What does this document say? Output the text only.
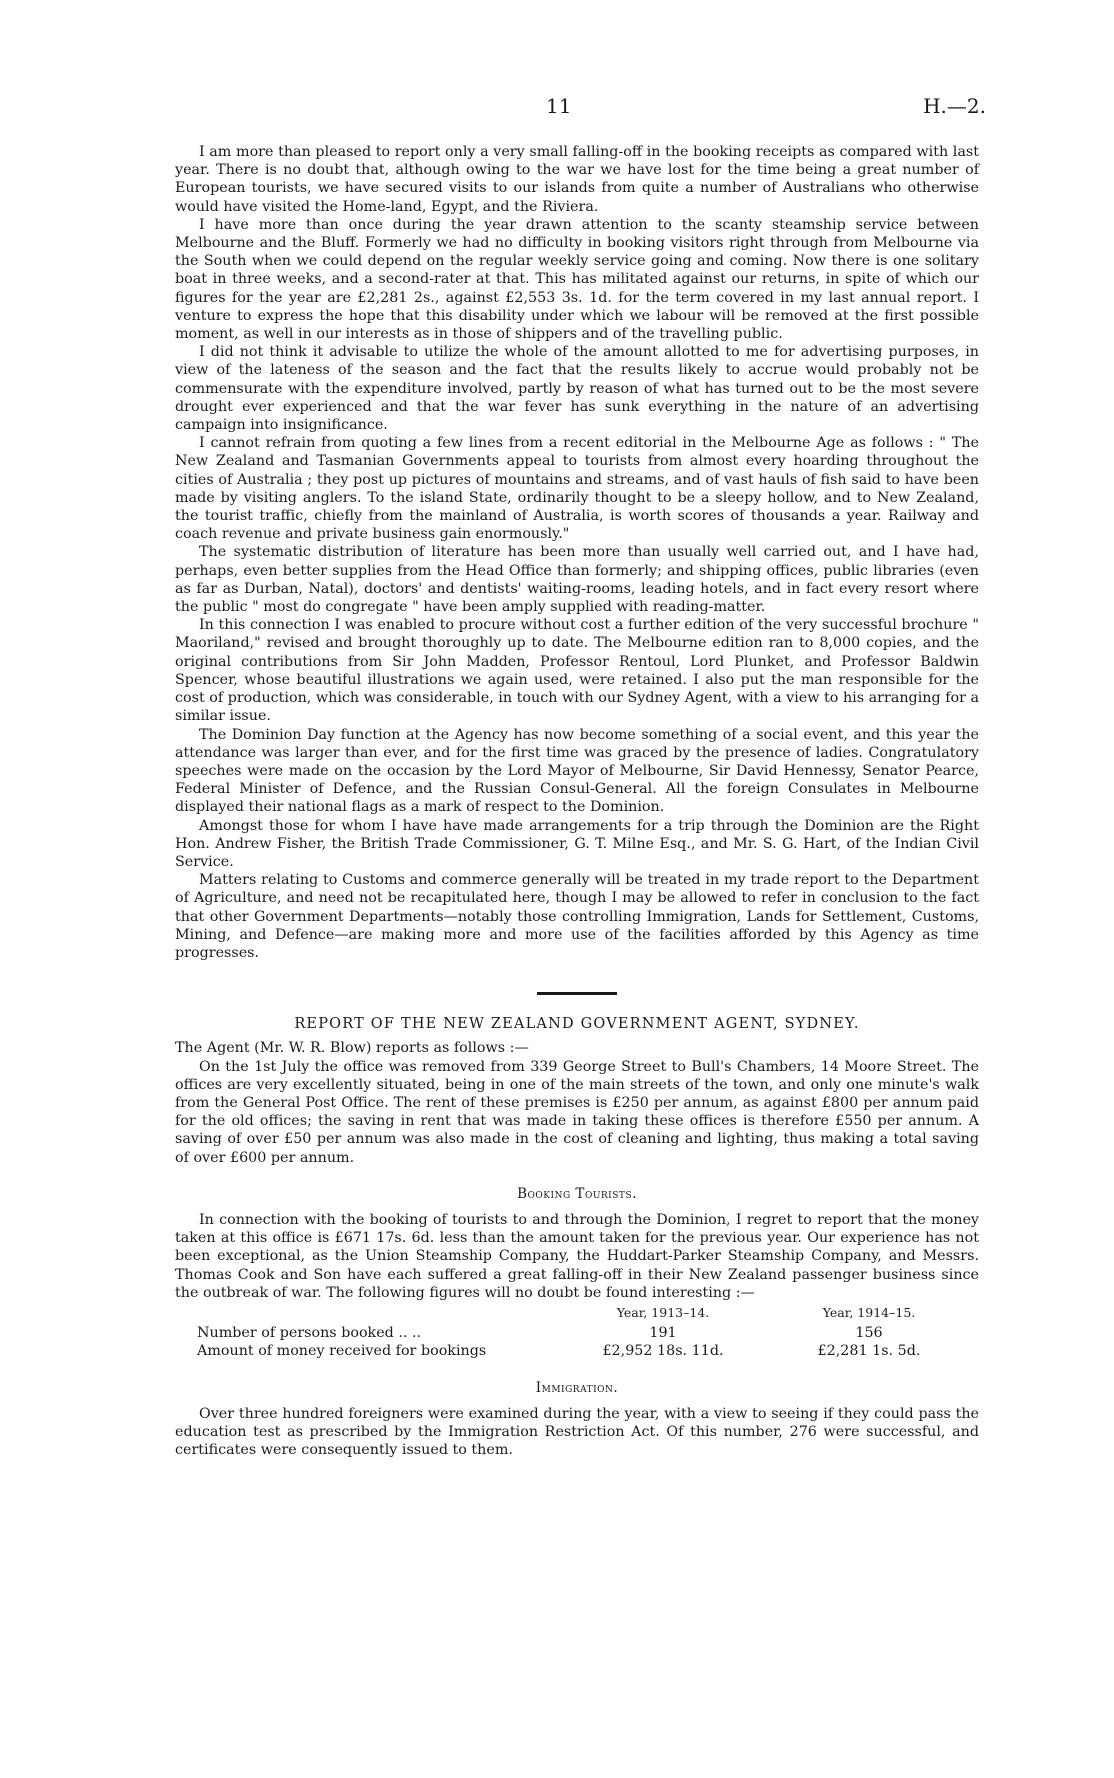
11	H.—2.

I am more than pleased to report only a very small falling-off in the booking receipts as compared with last year. There is no doubt that, although owing to the war we have lost for the time being a great number of European tourists, we have secured visits to our islands from quite a number of Australians who otherwise would have visited the Home-land, Egypt, and the Riviera.

I have more than once during the year drawn attention to the scanty steamship service between Melbourne and the Bluff. Formerly we had no difficulty in booking visitors right through from Melbourne via the South when we could depend on the regular weekly service going and coming. Now there is one solitary boat in three weeks, and a second-rater at that. This has militated against our returns, in spite of which our figures for the year are £2,281 2s., against £2,553 3s. 1d. for the term covered in my last annual report. I venture to express the hope that this disability under which we labour will be removed at the first possible moment, as well in our interests as in those of shippers and of the travelling public.

I did not think it advisable to utilize the whole of the amount allotted to me for advertising purposes, in view of the lateness of the season and the fact that the results likely to accrue would probably not be commensurate with the expenditure involved, partly by reason of what has turned out to be the most severe drought ever experienced and that the war fever has sunk everything in the nature of an advertising campaign into insignificance.

I cannot refrain from quoting a few lines from a recent editorial in the Melbourne Age as follows : " The New Zealand and Tasmanian Governments appeal to tourists from almost every hoarding throughout the cities of Australia ; they post up pictures of mountains and streams, and of vast hauls of fish said to have been made by visiting anglers. To the island State, ordinarily thought to be a sleepy hollow, and to New Zealand, the tourist traffic, chiefly from the mainland of Australia, is worth scores of thousands a year. Railway and coach revenue and private business gain enormously."

The systematic distribution of literature has been more than usually well carried out, and I have had, perhaps, even better supplies from the Head Office than formerly; and shipping offices, public libraries (even as far as Durban, Natal), doctors' and dentists' waiting-rooms, leading hotels, and in fact every resort where the public " most do congregate " have been amply supplied with reading-matter.

In this connection I was enabled to procure without cost a further edition of the very successful brochure " Maoriland," revised and brought thoroughly up to date. The Melbourne edition ran to 8,000 copies, and the original contributions from Sir John Madden, Professor Rentoul, Lord Plunket, and Professor Baldwin Spencer, whose beautiful illustrations we again used, were retained. I also put the man responsible for the cost of production, which was considerable, in touch with our Sydney Agent, with a view to his arranging for a similar issue.

The Dominion Day function at the Agency has now become something of a social event, and this year the attendance was larger than ever, and for the first time was graced by the presence of ladies. Congratulatory speeches were made on the occasion by the Lord Mayor of Melbourne, Sir David Hennessy, Senator Pearce, Federal Minister of Defence, and the Russian Consul-General. All the foreign Consulates in Melbourne displayed their national flags as a mark of respect to the Dominion.

Amongst those for whom I have have made arrangements for a trip through the Dominion are the Right Hon. Andrew Fisher, the British Trade Commissioner, G. T. Milne Esq., and Mr. S. G. Hart, of the Indian Civil Service.

Matters relating to Customs and commerce generally will be treated in my trade report to the Department of Agriculture, and need not be recapitulated here, though I may be allowed to refer in conclusion to the fact that other Government Departments—notably those controlling Immigration, Lands for Settlement, Customs, Mining, and Defence—are making more and more use of the facilities afforded by this Agency as time progresses.

REPORT OF THE NEW ZEALAND GOVERNMENT AGENT, SYDNEY.

The Agent (Mr. W. R. Blow) reports as follows :—

On the 1st July the office was removed from 339 George Street to Bull's Chambers, 14 Moore Street. The offices are very excellently situated, being in one of the main streets of the town, and only one minute's walk from the General Post Office. The rent of these premises is £250 per annum, as against £800 per annum paid for the old offices; the saving in rent that was made in taking these offices is therefore £550 per annum. A saving of over £50 per annum was also made in the cost of cleaning and lighting, thus making a total saving of over £600 per annum.

Booking Tourists.

In connection with the booking of tourists to and through the Dominion, I regret to report that the money taken at this office is £671 17s. 6d. less than the amount taken for the previous year. Our experience has not been exceptional, as the Union Steamship Company, the Huddart-Parker Steamship Company, and Messrs. Thomas Cook and Son have each suffered a great falling-off in their New Zealand passenger business since the outbreak of war. The following figures will no doubt be found interesting :—

	Year, 1913–14.	Year, 1914–15.
Number of persons booked .. ..	191	156
Amount of money received for bookings	£2,952 18s. 11d.	£2,281 1s. 5d.
Immigration.

Over three hundred foreigners were examined during the year, with a view to seeing if they could pass the education test as prescribed by the Immigration Restriction Act. Of this number, 276 were successful, and certificates were consequently issued to them.
